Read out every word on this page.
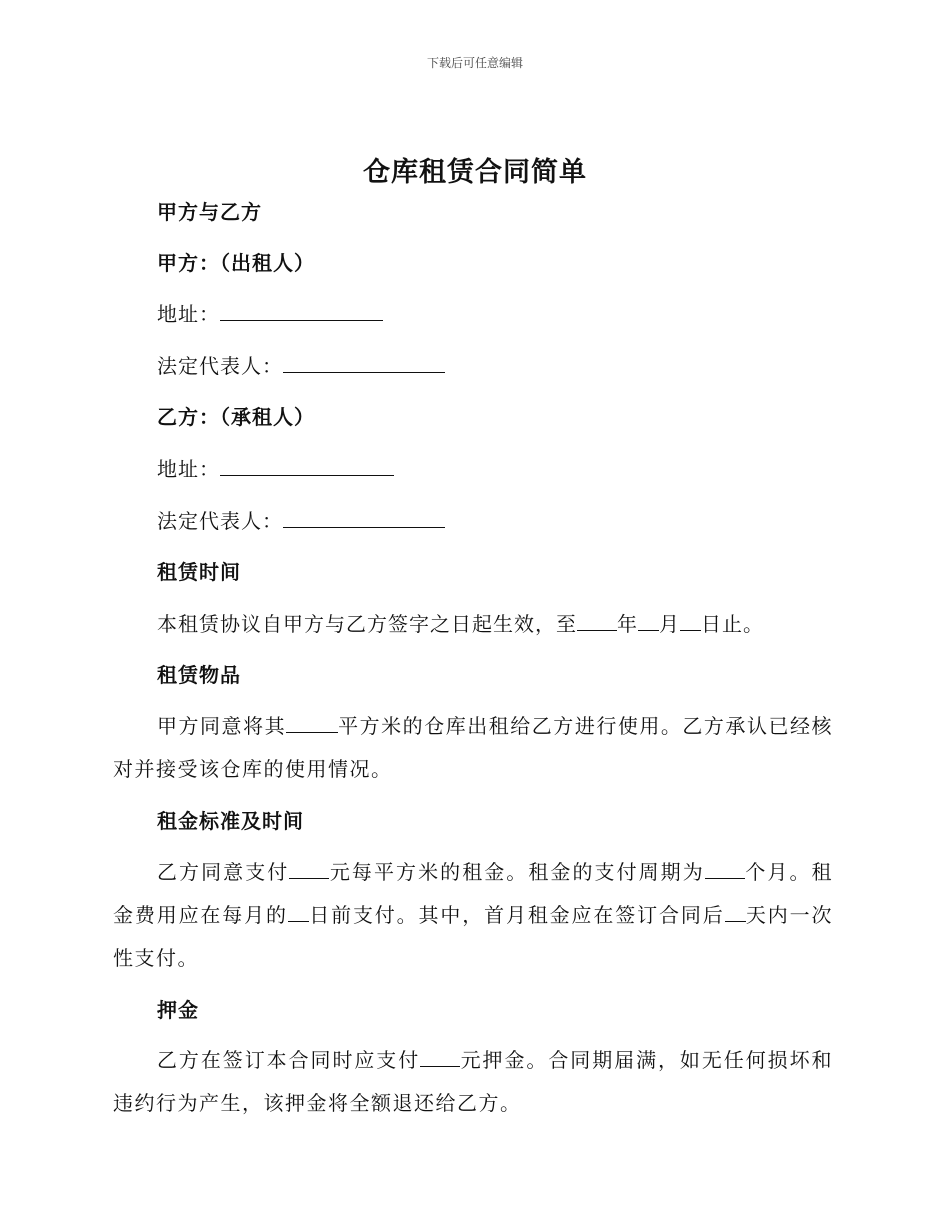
下载后可任意编辑
仓库租赁合同简单
甲方与乙方
甲方：（出租人）
地址：
法定代表人：
乙方：（承租人）
地址：
法定代表人：
租赁时间
本租赁协议自甲方与乙方签字之日起生效，至 年 月 日止。
租赁物品
甲方同意将其	平方米的仓库出租给乙方进行使用。乙方承认已经核对并接受该仓库的使用情况。
租金标准及时间
乙方同意支付 元每平方米的租金。租金的支付周期为 个月。租金费用应在每月的 日前支付。其中，首月租金应在签订合同后 天内一次性支付。
押金
乙方在签订本合同时应支付 元押金。合同期届满，如无任何损坏和违约行为产生，该押金将全额退还给乙方。
